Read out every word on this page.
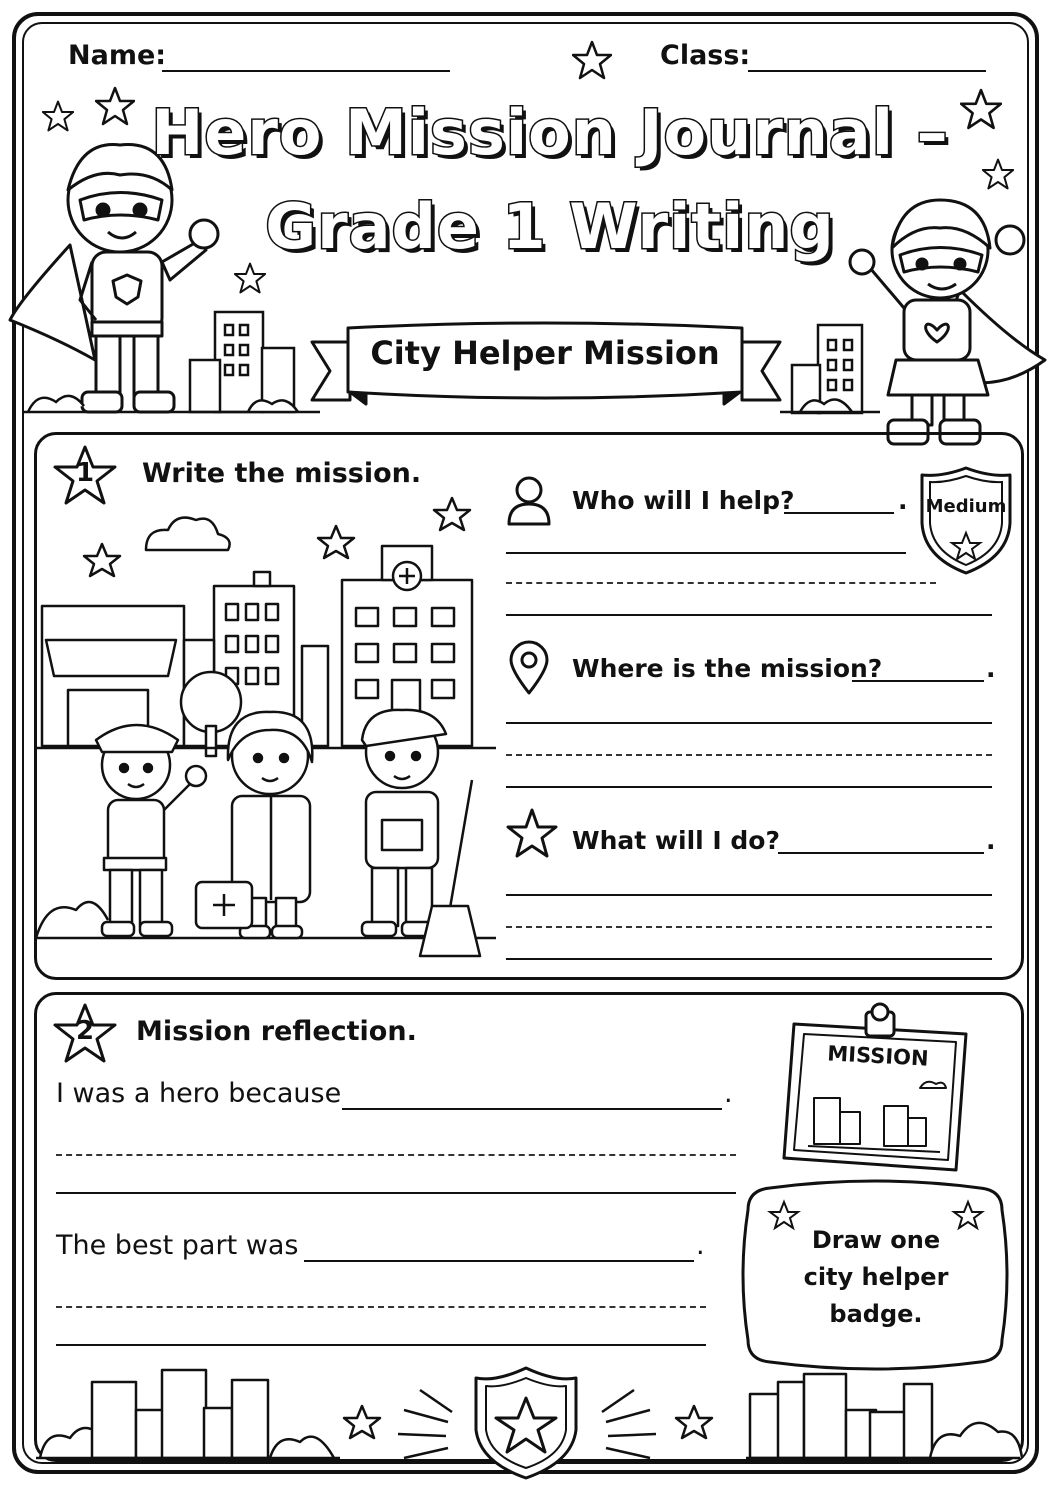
Name:	Class:
Hero Mission Journal –
Grade 1 Writing
City Helper Mission
1	Write the mission.
Who will I help?	.	Medium
Where is the mission?	.
What will I do?	.
2	Mission reflection.
I was a hero because	.
The best part was	.
MISSION
Draw one
city helper
badge.
